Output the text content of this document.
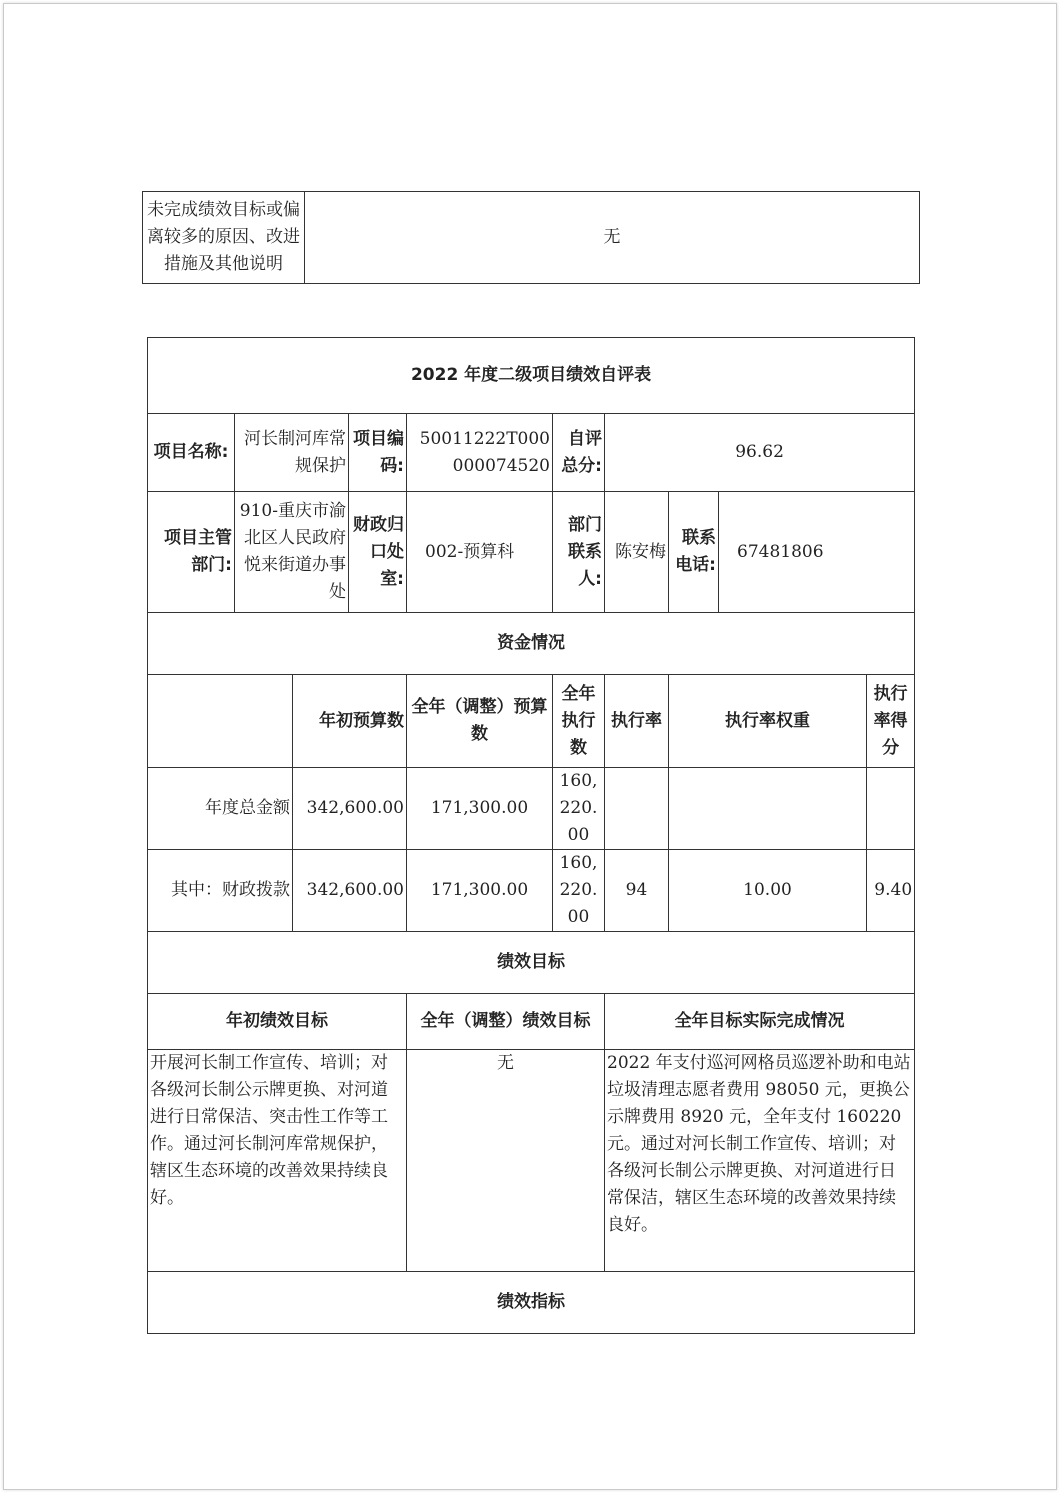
未完成绩效目标或偏离较多的原因、改进措施及其他说明	无
2022 年度二级项目绩效自评表									
项目名称:	河长制河库常规保护		项目编码:	50011222T000000074520	自评总分:	96.62			
项目主管部门:	910-重庆市渝北区人民政府悦来街道办事处		财政归口处室:	002-预算科	部门联系人:	陈安梅	联系电话:	67481806	
资金情况									
		年初预算数		全年（调整）预算数	全年执行数	执行率	执行率权重		执行率得分
年度总金额		342,600.00		171,300.00	160,220.00				
其中：财政拨款		342,600.00		171,300.00	160,220.00	94	10.00		9.40
绩效目标									
年初绩效目标				全年（调整）绩效目标		全年目标实际完成情况			
开展河长制工作宣传、培训；对各级河长制公示牌更换、对河道进行日常保洁、突击性工作等工作。通过河长制河库常规保护，辖区生态环境的改善效果持续良好。				无		2022 年支付巡河网格员巡逻补助和电站垃圾清理志愿者费用 98050 元，更换公示牌费用 8920 元，全年支付 160220 元。通过对河长制工作宣传、培训；对各级河长制公示牌更换、对河道进行日常保洁，辖区生态环境的改善效果持续良好。			
绩效指标									
